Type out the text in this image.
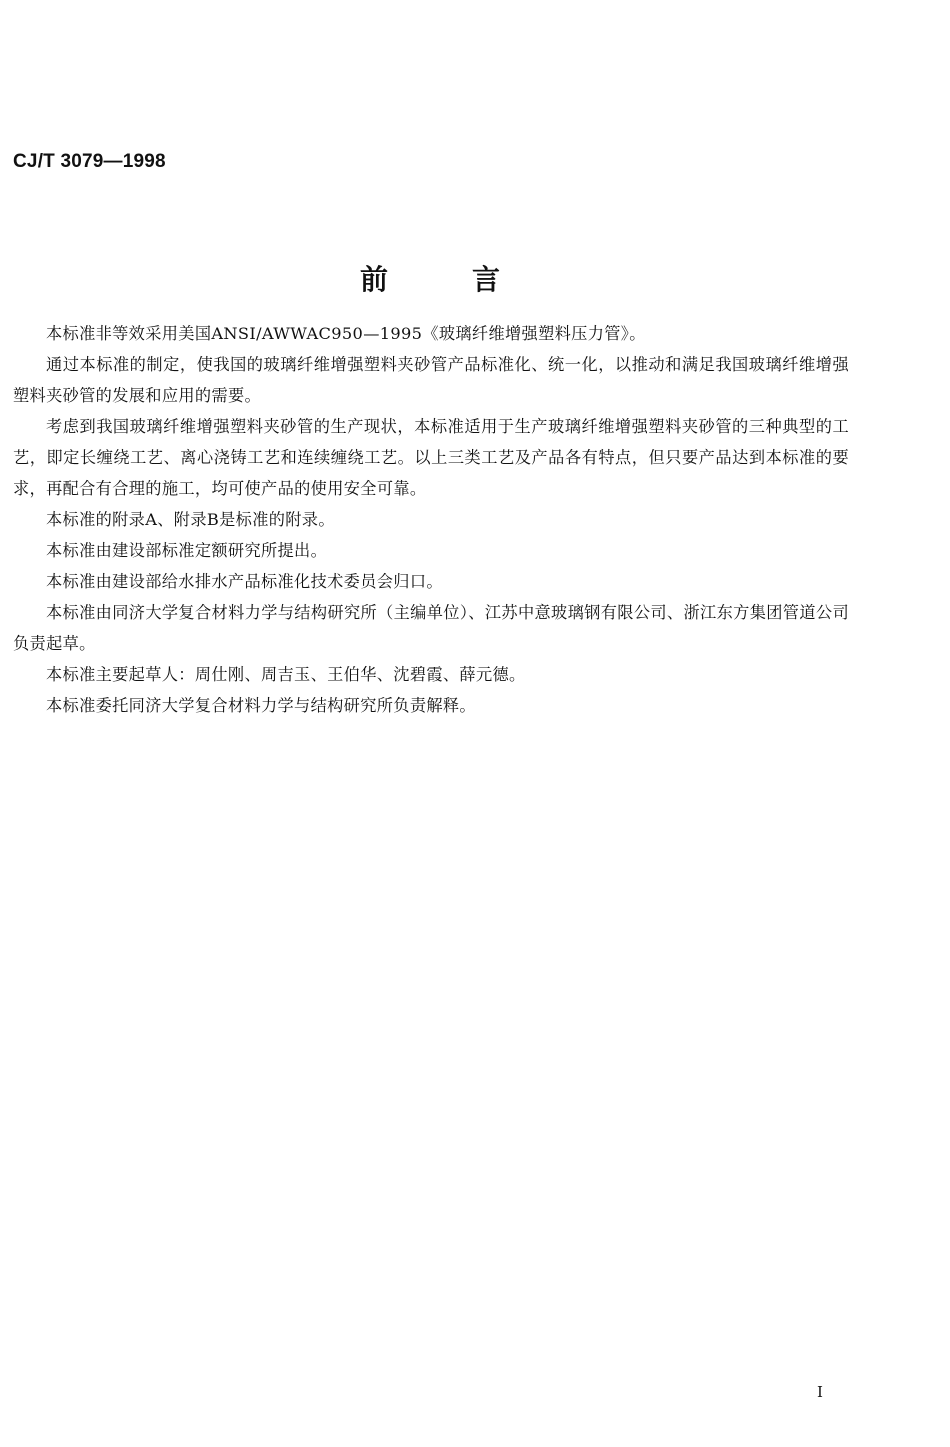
CJ/T 3079—1998
前	言

本标准非等效采用美国ANSI/AWWAC950—1995《玻璃纤维增强塑料压力管》。

通过本标准的制定，使我国的玻璃纤维增强塑料夹砂管产品标准化、统一化，以推动和满足我国玻璃纤维增强塑料夹砂管的发展和应用的需要。

考虑到我国玻璃纤维增强塑料夹砂管的生产现状，本标准适用于生产玻璃纤维增强塑料夹砂管的三种典型的工艺，即定长缠绕工艺、离心浇铸工艺和连续缠绕工艺。以上三类工艺及产品各有特点，但只要产品达到本标准的要求，再配合有合理的施工，均可使产品的使用安全可靠。

本标准的附录A、附录B是标准的附录。

本标准由建设部标准定额研究所提出。

本标准由建设部给水排水产品标准化技术委员会归口。

本标准由同济大学复合材料力学与结构研究所（主编单位）、江苏中意玻璃钢有限公司、浙江东方集团管道公司负责起草。

本标准主要起草人：周仕刚、周吉玉、王伯华、沈碧霞、薛元德。

本标准委托同济大学复合材料力学与结构研究所负责解释。

I
